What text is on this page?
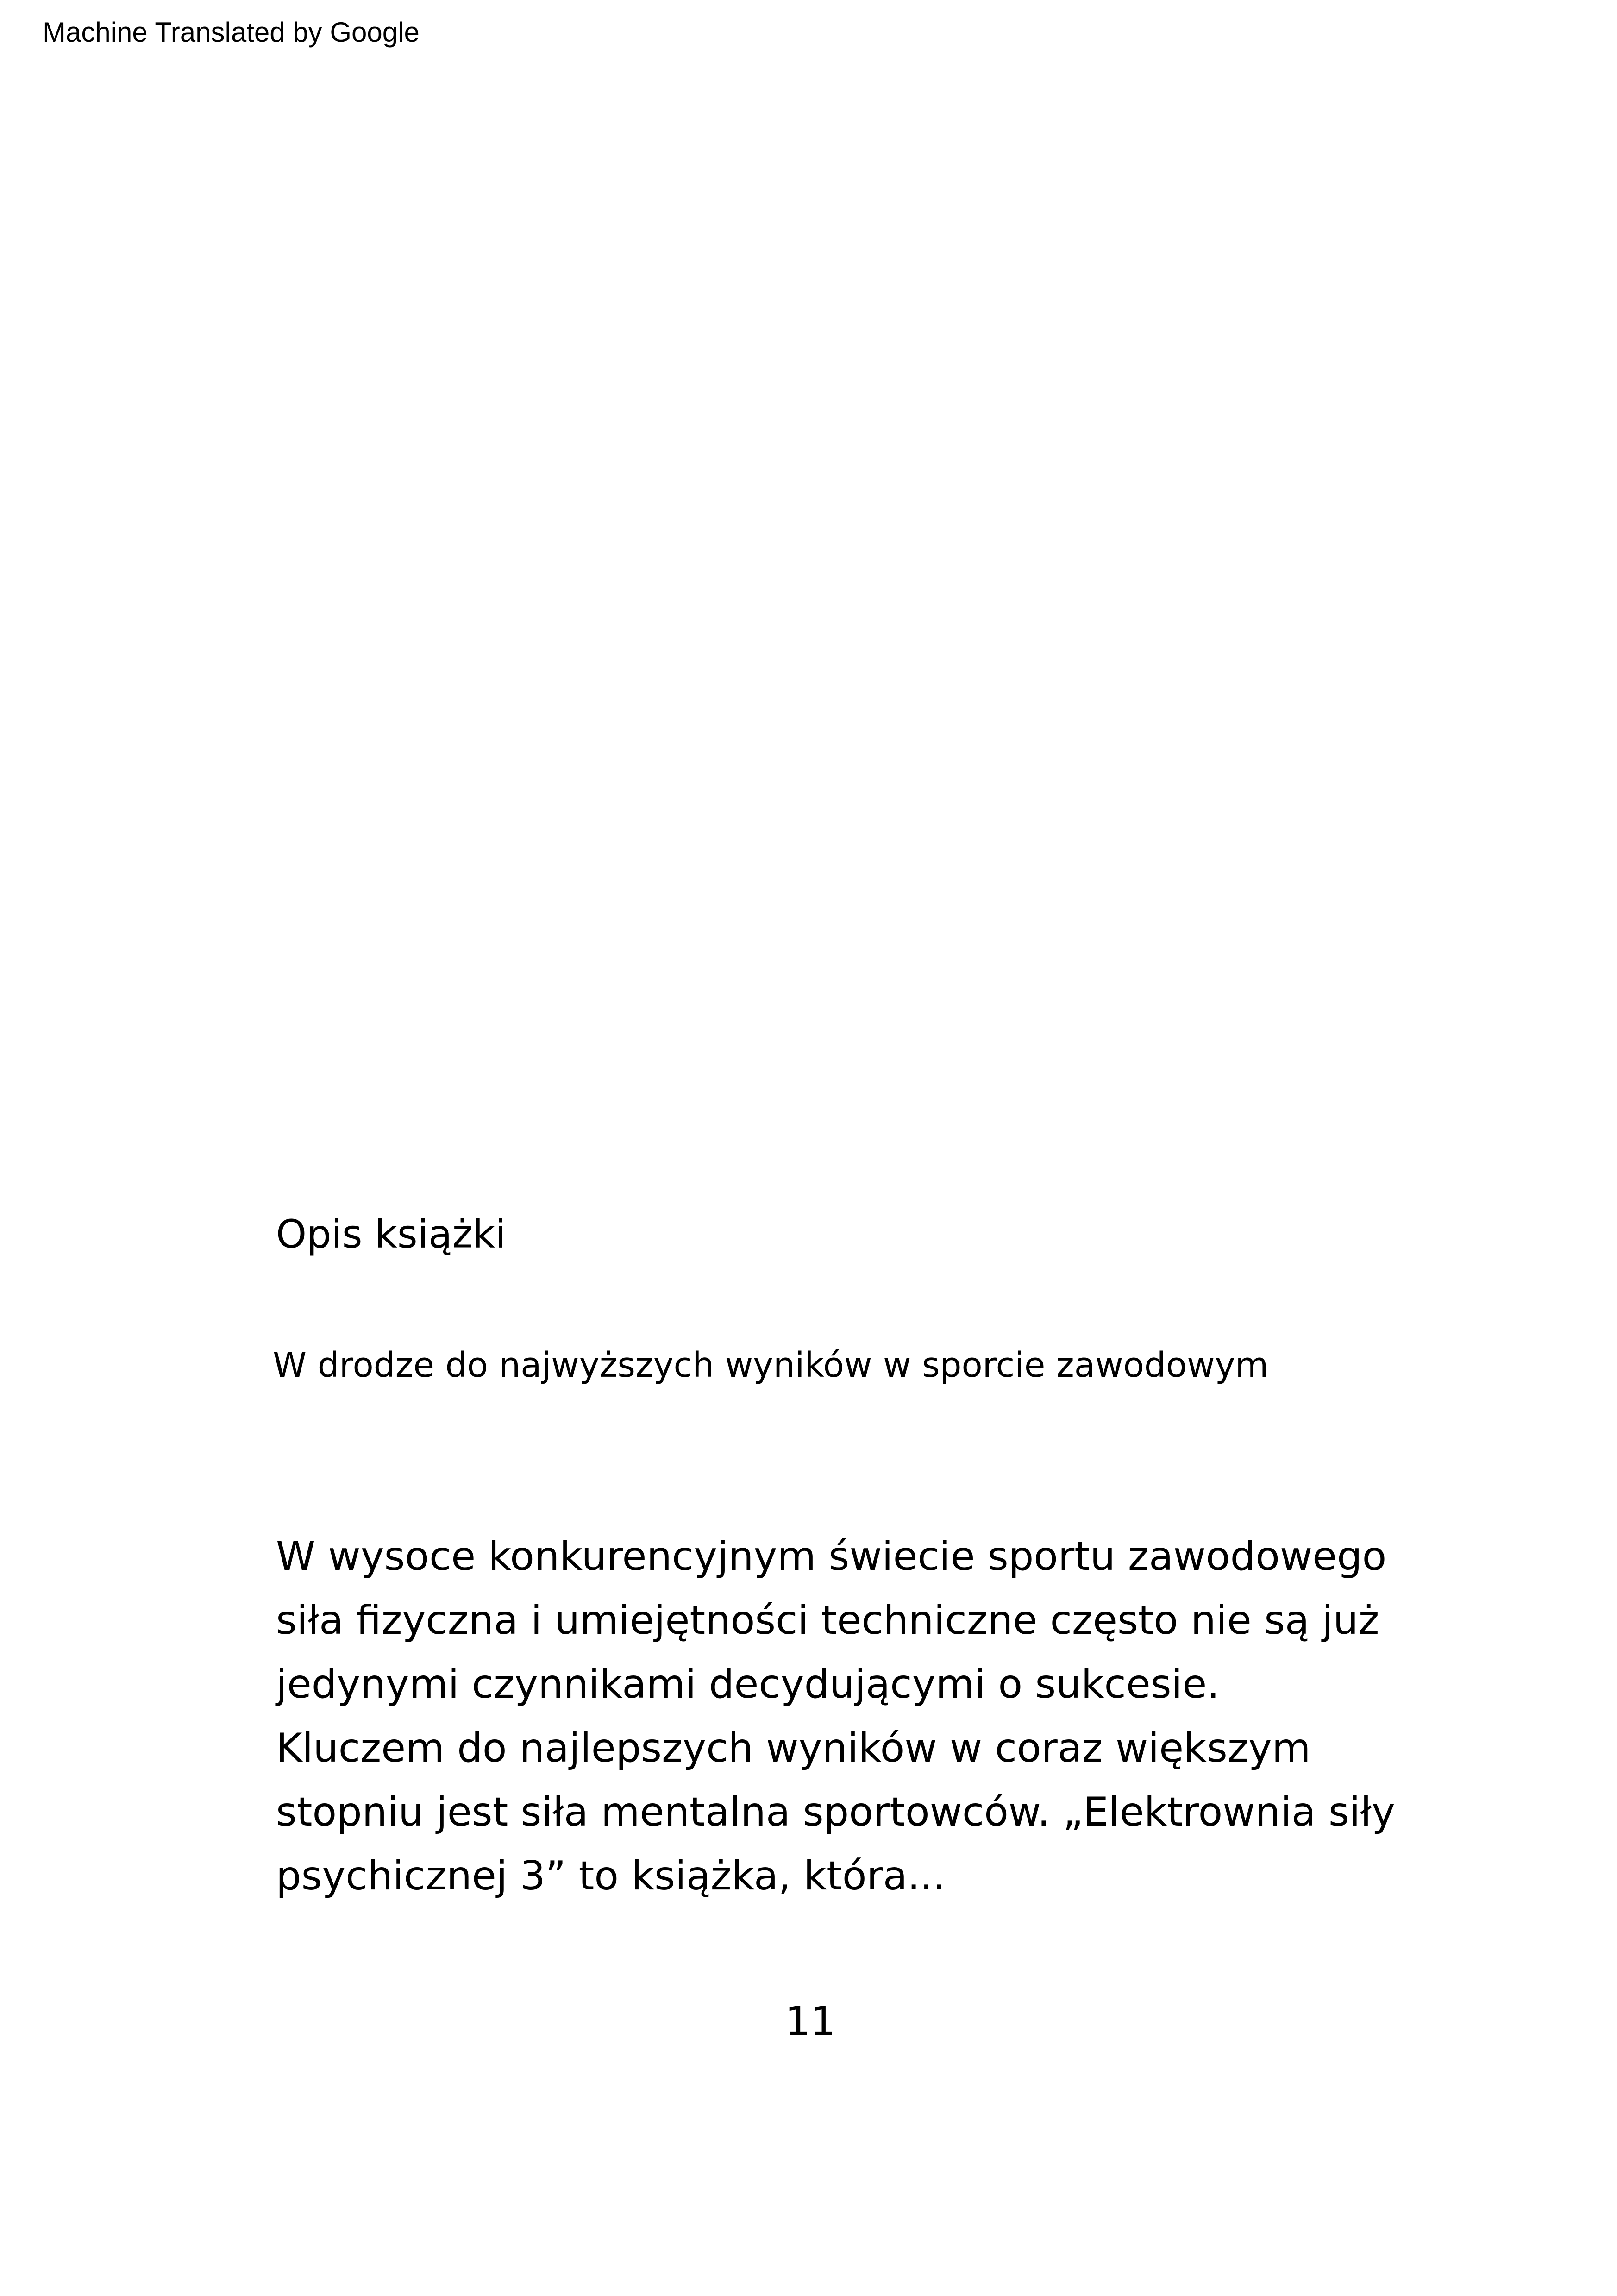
Machine Translated by Google
Opis książki
W drodze do najwyższych wyników w sporcie zawodowym
W wysoce konkurencyjnym świecie sportu zawodowego
siła fizyczna i umiejętności techniczne często nie są już
jedynymi czynnikami decydującymi o sukcesie.
Kluczem do najlepszych wyników w coraz większym
stopniu jest siła mentalna sportowców. „Elektrownia siły
psychicznej 3” to książka, która...
11
